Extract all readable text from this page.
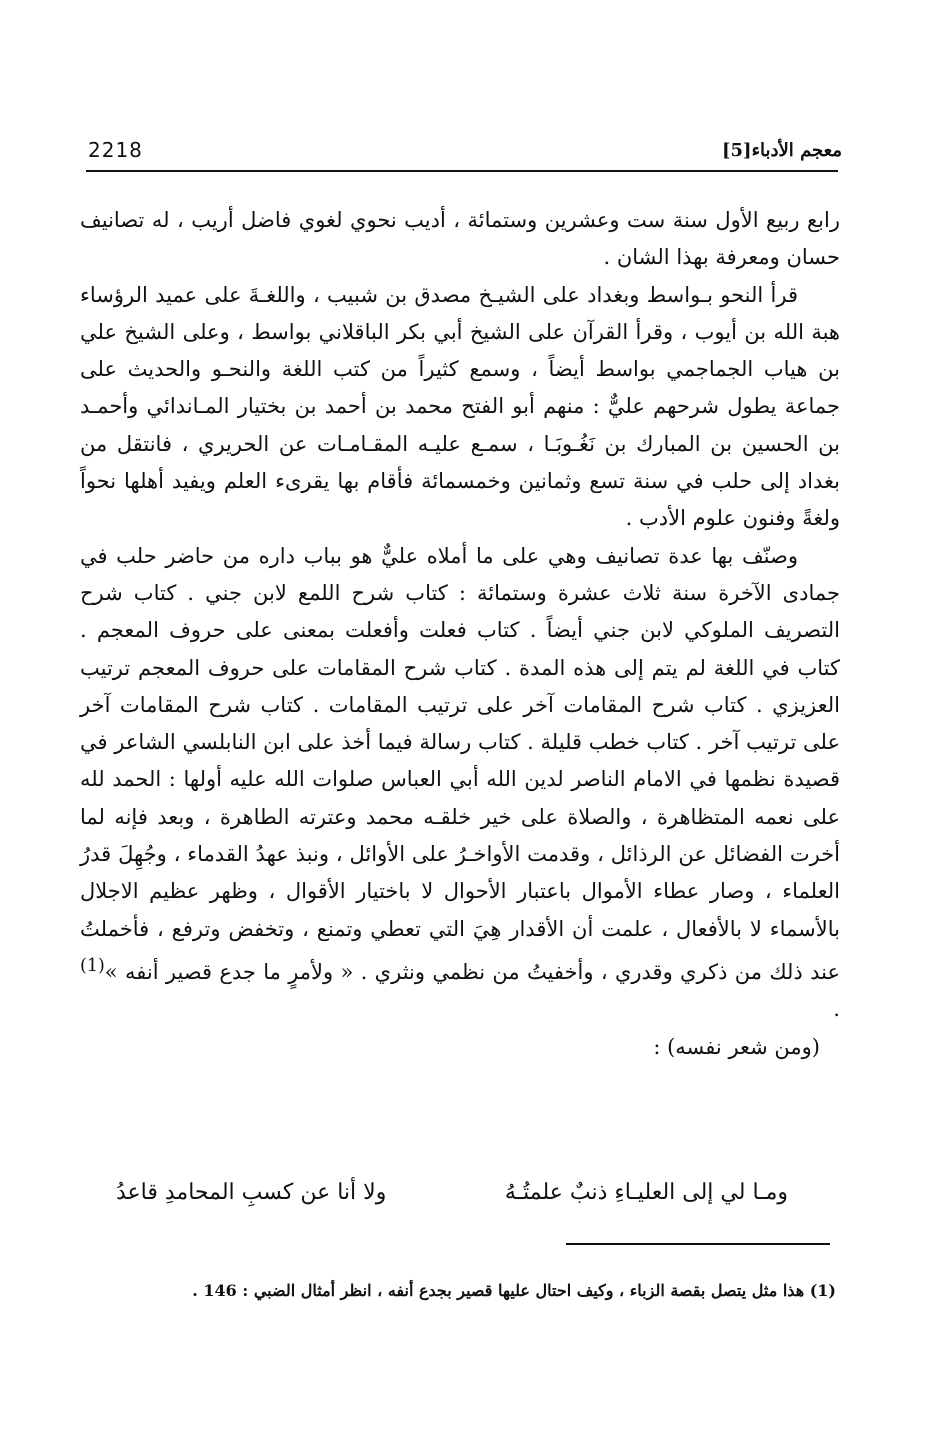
معجم الأدباء[5]
2218

رابع ربيع الأول سنة ست وعشرين وستمائة ، أديب نحوي لغوي فاضل أريب ، له تصانيف حسان ومعرفة بهذا الشان .

قرأ النحو بـواسط وبغداد على الشيـخ مصدق بن شبيب ، واللغـةَ على عميد الرؤساء هبة الله بن أيوب ، وقرأ القرآن على الشيخ أبي بكر الباقلاني بواسط ، وعلى الشيخ علي بن هياب الجماجمي بواسط أيضاً ، وسمع كثيراً من كتب اللغة والنحـو والحديث على جماعة يطول شرحهم عليٌّ : منهم أبو الفتح محمد بن أحمد بن بختيار المـاندائي وأحمـد بن الحسين بن المبارك بن نَغُـوبَـا ، سمـع عليـه المقـامـات عن الحريري ، فانتقل من بغداد إلى حلب في سنة تسع وثمانين وخمسمائة فأقام بها يقرىء العلم ويفيد أهلها نحواً ولغةً وفنون علوم الأدب .

وصنّف بها عدة تصانيف وهي على ما أملاه عليٌّ هو بباب داره من حاضر حلب في جمادى الآخرة سنة ثلاث عشرة وستمائة : كتاب شرح اللمع لابن جني . كتاب شرح التصريف الملوكي لابن جني أيضاً . كتاب فعلت وأفعلت بمعنى على حروف المعجم . كتاب في اللغة لم يتم إلى هذه المدة . كتاب شرح المقامات على حروف المعجم ترتيب العزيزي . كتاب شرح المقامات آخر على ترتيب المقامات . كتاب شرح المقامات آخر على ترتيب آخر . كتاب خطب قليلة . كتاب رسالة فيما أخذ على ابن النابلسي الشاعر في قصيدة نظمها في الامام الناصر لدين الله أبي العباس صلوات الله عليه أولها : الحمد لله على نعمه المتظاهرة ، والصلاة على خير خلقـه محمد وعترته الطاهرة ، وبعد فإنه لما أخرت الفضائل عن الرذائل ، وقدمت الأواخـرُ على الأوائل ، ونبذ عهدُ القدماء ، وجُهِلَ قدرُ العلماء ، وصار عطاء الأموال باعتبار الأحوال لا باختيار الأقوال ، وظهر عظيم الاجلال بالأسماء لا بالأفعال ، علمت أن الأقدار هِيَ التي تعطي وتمنع ، وتخفض وترفع ، فأخملتُ عند ذلك من ذكري وقدري ، وأخفيتُ من نظمي ونثري . « ولأمرٍ ما جدع قصير أنفه »$^{(1)}$ .

(ومن شعر نفسه) :

ومـا لي إلى العليـاءِ ذنبٌ علمتُـهُ
ولا أنا عن كسبِ المحامدِ قاعدُ
(1) هذا مثل يتصل بقصة الزباء ، وكيف احتال عليها قصير بجدع أنفه ، انظر أمثال الضبي : 146 .
